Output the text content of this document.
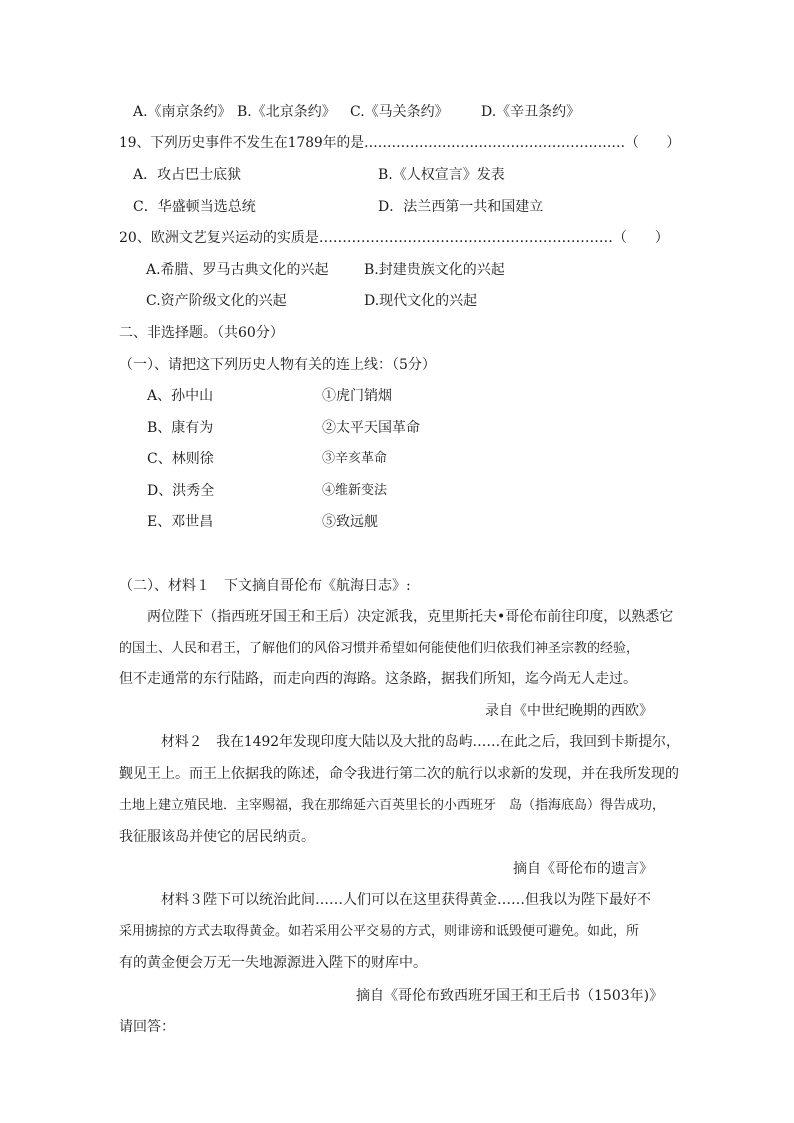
A.《南京条约》 B.《北京条约》 C.《马关条约》 D.《辛丑条约》
19、下列历史事件不发生在1789年的是…………………………………………………（　　）
A．攻占巴士底狱	B.《人权宣言》发表
C．华盛顿当选总统	D．法兰西第一共和国建立
20、欧洲文艺复兴运动的实质是………………………………………………………（　　）
A.希腊、罗马古典文化的兴起	B.封建贵族文化的兴起
C.资产阶级文化的兴起	D.现代文化的兴起
二、非选择题。（共60分）
（一）、请把这下列历史人物有关的连上线：（5分）
A、孙中山	①虎门销烟
B、康有为	②太平天国革命
C、林则徐	③辛亥革命
D、洪秀全	④维新变法
E、邓世昌	⑤致远舰
（二）、材料１　下文摘自哥伦布《航海日志》:
两位陛下（指西班牙国王和王后）决定派我，克里斯托夫•哥伦布前往印度，以熟悉它
的国土、人民和君王，了解他们的风俗习惯并希望如何能使他们归依我们神圣宗教的经验，
但不走通常的东行陆路，而走向西的海路。这条路，据我们所知，迄今尚无人走过。
录自《中世纪晚期的西欧》
材料２　我在1492年发现印度大陆以及大批的岛屿……在此之后，我回到卡斯提尔，
觐见王上。而王上依据我的陈述，命令我进行第二次的航行以求新的发现，并在我所发现的
土地上建立殖民地．主宰赐福，我在那绵延六百英里长的小西班牙　岛（指海底岛）得告成功，
我征服该岛并使它的居民纳贡。
摘自《哥伦布的遗言》
材料３陛下可以统治此间……人们可以在这里获得黄金……但我以为陛下最好不
采用掳掠的方式去取得黄金。如若采用公平交易的方式，则诽谤和诋毁便可避免。如此，所
有的黄金便会万无一失地源源进入陛下的财库中。
摘自《哥伦布致西班牙国王和王后书（1503年)》
请回答：
